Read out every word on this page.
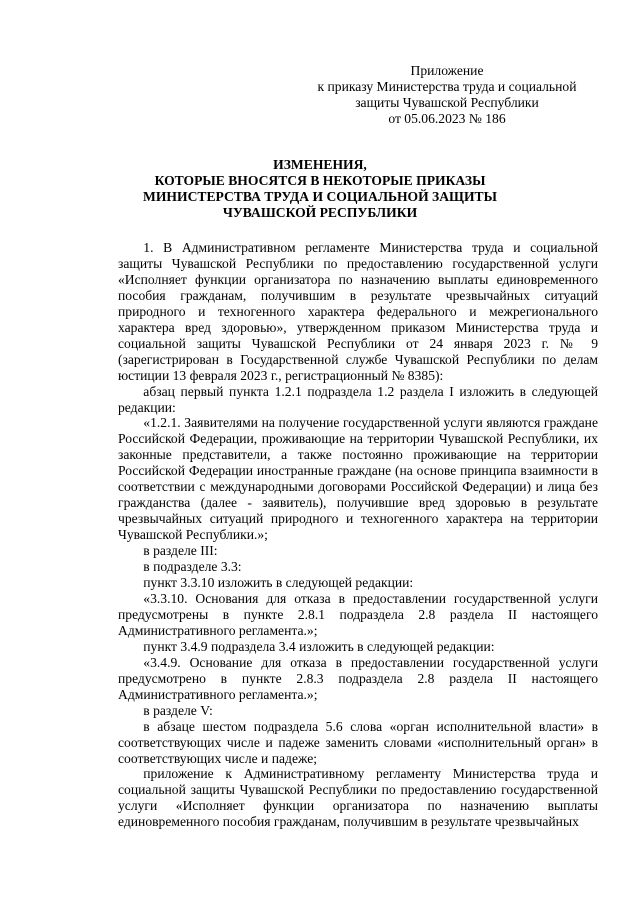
Приложение
к приказу Министерства труда и социальной
защиты Чувашской Республики
от 05.06.2023 № 186
ИЗМЕНЕНИЯ,
КОТОРЫЕ ВНОСЯТСЯ В НЕКОТОРЫЕ ПРИКАЗЫ
МИНИСТЕРСТВА ТРУДА И СОЦИАЛЬНОЙ ЗАЩИТЫ
ЧУВАШСКОЙ РЕСПУБЛИКИ

1. В Административном регламенте Министерства труда и социальной защиты Чувашской Республики по предоставлению государственной услуги «Исполняет функции организатора по назначению выплаты единовременного пособия гражданам, получившим в результате чрезвычайных ситуаций природного и техногенного характера федерального и межрегионального характера вред здоровью», утвержденном приказом Министерства труда и социальной защиты Чувашской Республики от 24 января 2023 г. № 9 (зарегистрирован в Государственной службе Чувашской Республики по делам юстиции 13 февраля 2023 г., регистрационный № 8385):

абзац первый пункта 1.2.1 подраздела 1.2 раздела I изложить в следующей редакции:

«1.2.1. Заявителями на получение государственной услуги являются граждане Российской Федерации, проживающие на территории Чувашской Республики, их законные представители, а также постоянно проживающие на территории Российской Федерации иностранные граждане (на основе принципа взаимности в соответствии с международными договорами Российской Федерации) и лица без гражданства (далее - заявитель), получившие вред здоровью в результате чрезвычайных ситуаций природного и техногенного характера на территории Чувашской Республики.»;

в разделе III:

в подразделе 3.3:

пункт 3.3.10 изложить в следующей редакции:

«3.3.10. Основания для отказа в предоставлении государственной услуги предусмотрены в пункте 2.8.1 подраздела 2.8 раздела II настоящего Административного регламента.»;

пункт 3.4.9 подраздела 3.4 изложить в следующей редакции:

«3.4.9. Основание для отказа в предоставлении государственной услуги предусмотрено в пункте 2.8.3 подраздела 2.8 раздела II настоящего Административного регламента.»;

в разделе V:

в абзаце шестом подраздела 5.6 слова «орган исполнительной власти» в соответствующих числе и падеже заменить словами «исполнительный орган» в соответствующих числе и падеже;

приложение к Административному регламенту Министерства труда и социальной защиты Чувашской Республики по предоставлению государственной услуги «Исполняет функции организатора по назначению выплаты единовременного пособия гражданам, получившим в результате чрезвычайных
